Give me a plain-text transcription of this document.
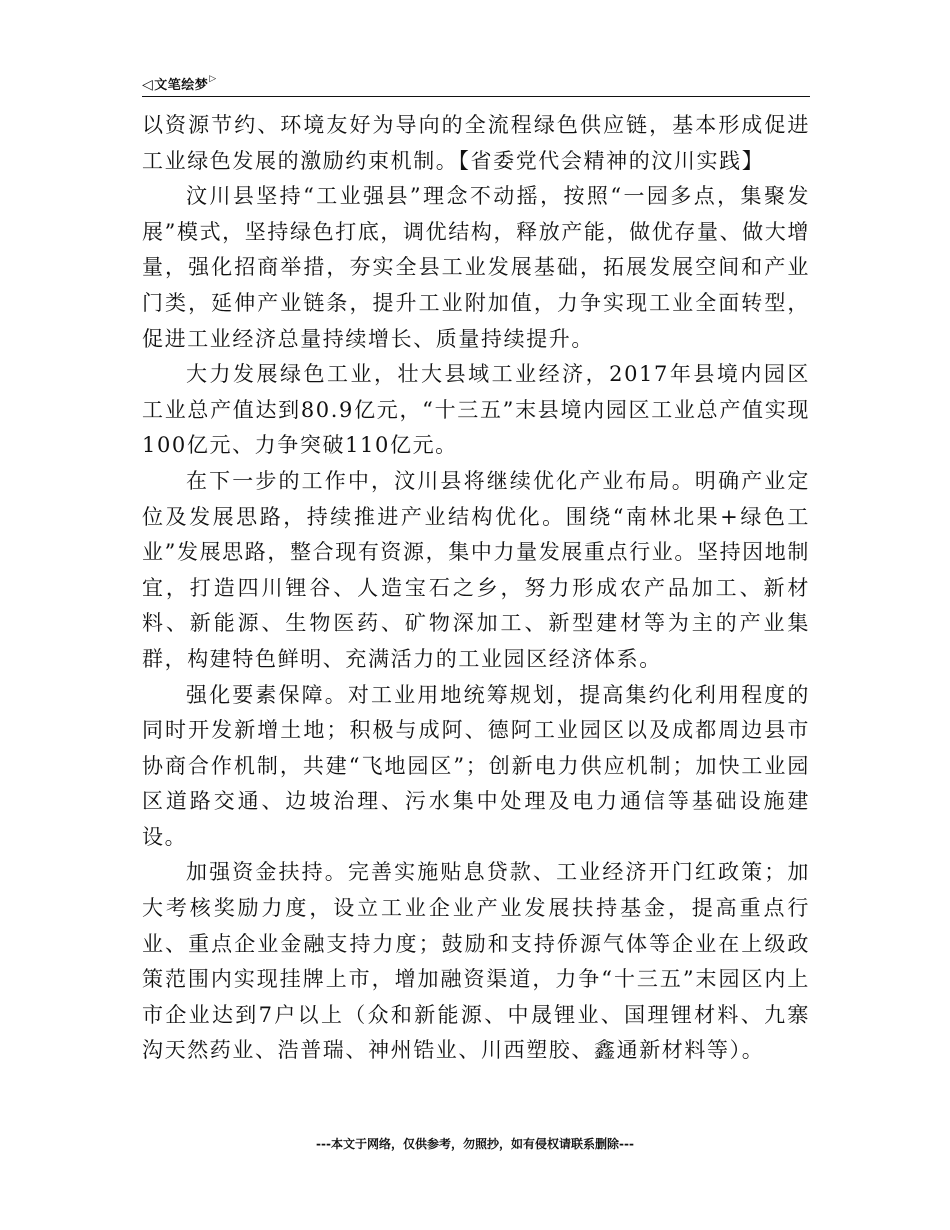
◁文笔绘梦▷

以资源节约、环境友好为导向的全流程绿色供应链，基本形成促进工业绿色发展的激励约束机制。【省委党代会精神的汶川实践】

汶川县坚持“工业强县”理念不动摇，按照“一园多点，集聚发展”模式，坚持绿色打底，调优结构，释放产能，做优存量、做大增量，强化招商举措，夯实全县工业发展基础，拓展发展空间和产业门类，延伸产业链条，提升工业附加值，力争实现工业全面转型，促进工业经济总量持续增长、质量持续提升。

大力发展绿色工业，壮大县域工业经济，2017年县境内园区工业总产值达到80.9亿元，“十三五”末县境内园区工业总产值实现100亿元、力争突破110亿元。

在下一步的工作中，汶川县将继续优化产业布局。明确产业定位及发展思路，持续推进产业结构优化。围绕“南林北果+绿色工业”发展思路，整合现有资源，集中力量发展重点行业。坚持因地制宜，打造四川锂谷、人造宝石之乡，努力形成农产品加工、新材料、新能源、生物医药、矿物深加工、新型建材等为主的产业集群，构建特色鲜明、充满活力的工业园区经济体系。

强化要素保障。对工业用地统筹规划，提高集约化利用程度的同时开发新增土地；积极与成阿、德阿工业园区以及成都周边县市协商合作机制，共建“飞地园区”；创新电力供应机制；加快工业园区道路交通、边坡治理、污水集中处理及电力通信等基础设施建设。

加强资金扶持。完善实施贴息贷款、工业经济开门红政策；加大考核奖励力度，设立工业企业产业发展扶持基金，提高重点行业、重点企业金融支持力度；鼓励和支持侨源气体等企业在上级政策范围内实现挂牌上市，增加融资渠道，力争“十三五”末园区内上市企业达到7户以上（众和新能源、中晟锂业、国理锂材料、九寨沟天然药业、浩普瑞、神州锆业、川西塑胶、鑫通新材料等）。

---本文于网络，仅供参考，勿照抄，如有侵权请联系删除---
